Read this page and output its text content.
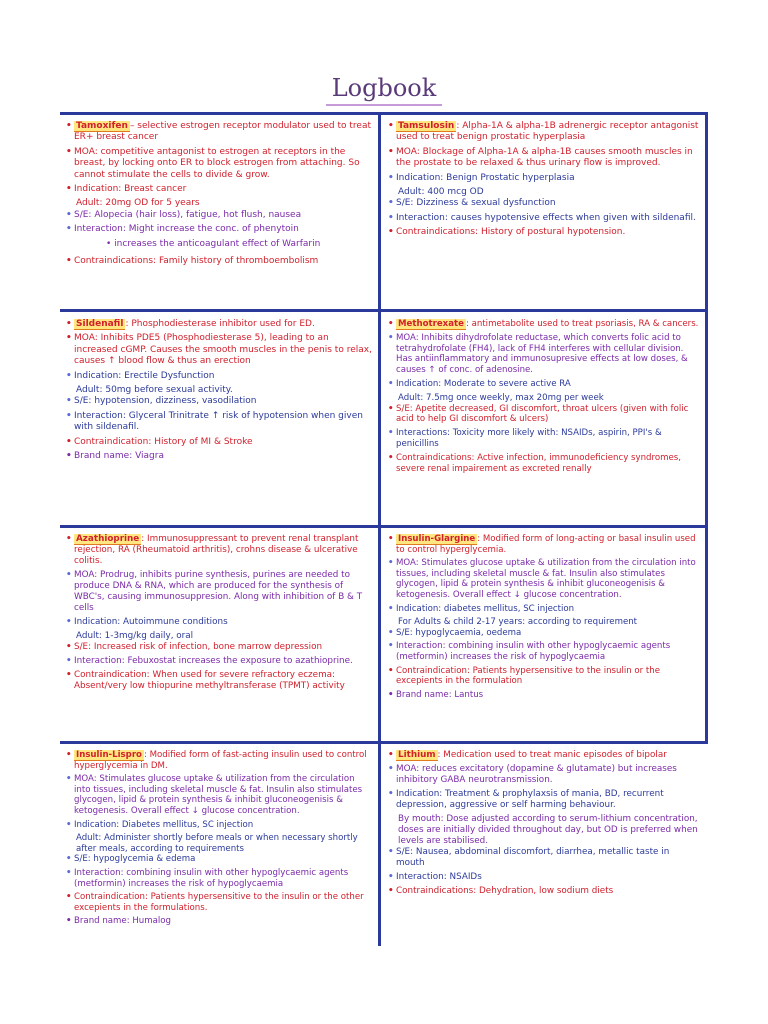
Logbook
• Tamoxifen – selective estrogen receptor modulator used to treat ER+ breast cancer
• MOA: competitive antagonist to estrogen at receptors in the breast, by locking onto ER to block estrogen from attaching. So cannot stimulate the cells to divide & grow.
• Indication: Breast cancer
Adult: 20mg OD for 5 years
• S/E: Alopecia (hair loss), fatigue, hot flush, nausea
• Interaction: Might increase the conc. of phenytoin
• increases the anticoagulant effect of Warfarin
• Contraindications: Family history of thromboembolism
• Tamsulosin : Alpha-1A & alpha-1B adrenergic receptor antagonist used to treat benign prostatic hyperplasia
• MOA: Blockage of Alpha-1A & alpha-1B causes smooth muscles in the prostate to be relaxed & thus urinary flow is improved.
• Indication: Benign Prostatic hyperplasia
Adult: 400 mcg OD
• S/E: Dizziness & sexual dysfunction
• Interaction: causes hypotensive effects when given with sildenafil.
• Contraindications: History of postural hypotension.
• Sildenafil : Phosphodiesterase inhibitor used for ED.
• MOA: Inhibits PDE5 (Phosphodiesterase 5), leading to an increased cGMP. Causes the smooth muscles in the penis to relax, causes ↑ blood flow & thus an erection
• Indication: Erectile Dysfunction
Adult: 50mg before sexual activity.
• S/E: hypotension, dizziness, vasodilation
• Interaction: Glyceral Trinitrate ↑ risk of hypotension when given with sildenafil.
• Contraindication: History of MI & Stroke
• Brand name: Viagra
• Methotrexate : antimetabolite used to treat psoriasis, RA & cancers.
• MOA: Inhibits dihydrofolate reductase, which converts folic acid to tetrahydrofolate (FH4), lack of FH4 interferes with cellular division. Has antiinflammatory and immunosupresive effects at low doses, & causes ↑ of conc. of adenosine.
• Indication: Moderate to severe active RA
Adult: 7.5mg once weekly, max 20mg per week
• S/E: Apetite decreased, GI discomfort, throat ulcers (given with folic acid to help GI discomfort & ulcers)
• Interactions: Toxicity more likely with: NSAIDs, aspirin, PPI's & penicillins
• Contraindications: Active infection, immunodeficiency syndromes, severe renal impairement as excreted renally
• Azathioprine : Immunosuppressant to prevent renal transplant rejection, RA (Rheumatoid arthritis), crohns disease & ulcerative colitis.
• MOA: Prodrug, inhibits purine synthesis, purines are needed to produce DNA & RNA, which are produced for the synthesis of WBC's, causing immunosuppresion. Along with inhibition of B & T cells
• Indication: Autoimmune conditions
Adult: 1-3mg/kg daily, oral
• S/E: Increased risk of infection, bone marrow depression
• Interaction: Febuxostat increases the exposure to azathioprine.
• Contraindication: When used for severe refractory eczema: Absent/very low thiopurine methyltransferase (TPMT) activity
• Insulin-Glargine : Modified form of long-acting or basal insulin used to control hyperglycemia.
• MOA: Stimulates glucose uptake & utilization from the circulation into tissues, including skeletal muscle & fat. Insulin also stimulates glycogen, lipid & protein synthesis & inhibit gluconeogenisis & ketogenesis. Overall effect ↓ glucose concentration.
• Indication: diabetes mellitus, SC injection
For Adults & child 2-17 years: according to requirement
• S/E: hypoglycaemia, oedema
• Interaction: combining insulin with other hypoglycaemic agents (metformin) increases the risk of hypoglycaemia
• Contraindication: Patients hypersensitive to the insulin or the excepients in the formulation
• Brand name: Lantus
• Insulin-Lispro : Modified form of fast-acting insulin used to control hyperglycemia in DM.
• MOA: Stimulates glucose uptake & utilization from the circulation into tissues, including skeletal muscle & fat. Insulin also stimulates glycogen, lipid & protein synthesis & inhibit gluconeogenisis & ketogenesis. Overall effect ↓ glucose concentration.
• Indication: Diabetes mellitus, SC injection
Adult: Administer shortly before meals or when necessary shortly after meals, according to requirements
• S/E: hypoglycemia & edema
• Interaction: combining insulin with other hypoglycaemic agents (metformin) increases the risk of hypoglycaemia
• Contraindication: Patients hypersensitive to the insulin or the other excepients in the formulations.
• Brand name: Humalog
• Lithium : Medication used to treat manic episodes of bipolar
• MOA: reduces excitatory (dopamine & glutamate) but increases inhibitory GABA neurotransmission.
• Indication: Treatment & prophylaxsis of mania, BD, recurrent depression, aggressive or self harming behaviour.
By mouth: Dose adjusted according to serum-lithium concentration, doses are initially divided throughout day, but OD is preferred when levels are stabilised.
• S/E: Nausea, abdominal discomfort, diarrhea, metallic taste in mouth
• Interaction: NSAIDs
• Contraindications: Dehydration, low sodium diets
